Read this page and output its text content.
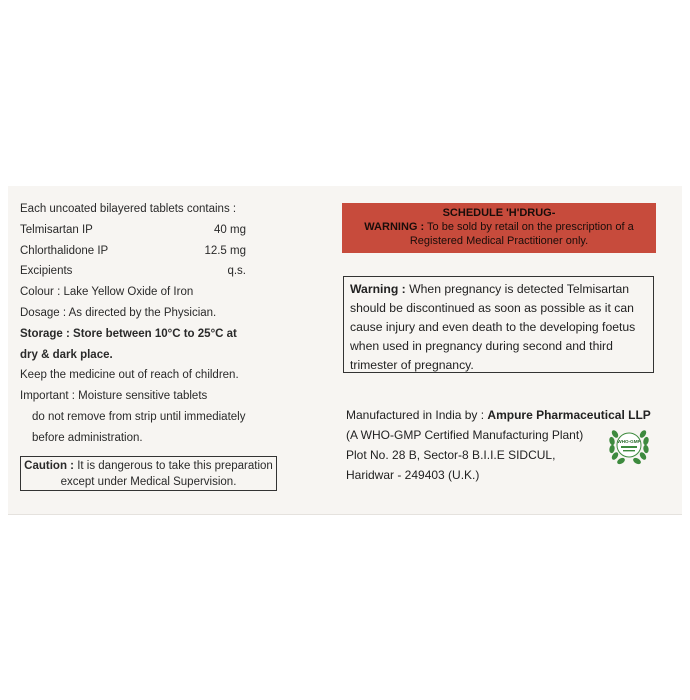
Each uncoated bilayered tablets contains :
Telmisartan IP	40 mg
Chlorthalidone IP	12.5 mg
Excipients	q.s.
Colour : Lake Yellow Oxide of Iron
Dosage : As directed by the Physician.
Storage : Store between 10°C to 25°C at
dry & dark place.
Keep the medicine out of reach of children.
Important : Moisture sensitive tablets
do not remove from strip until immediately
before administration.
Caution : It is dangerous to take this preparation
except under Medical Supervision.
SCHEDULE 'H'DRUG-
WARNING : To be sold by retail on the prescription of a
Registered Medical Practitioner only.
Warning : When pregnancy is detected Telmisartan
should be discontinued as soon as possible as it can
cause injury and even death to the developing foetus
when used in pregnancy during second and third
trimester of pregnancy.
Manufactured in India by : Ampure Pharmaceutical LLP
(A WHO-GMP Certified Manufacturing Plant)
Plot No. 28 B, Sector-8 B.I.I.E SIDCUL,
Haridwar - 249403 (U.K.)
WHO-GMP
